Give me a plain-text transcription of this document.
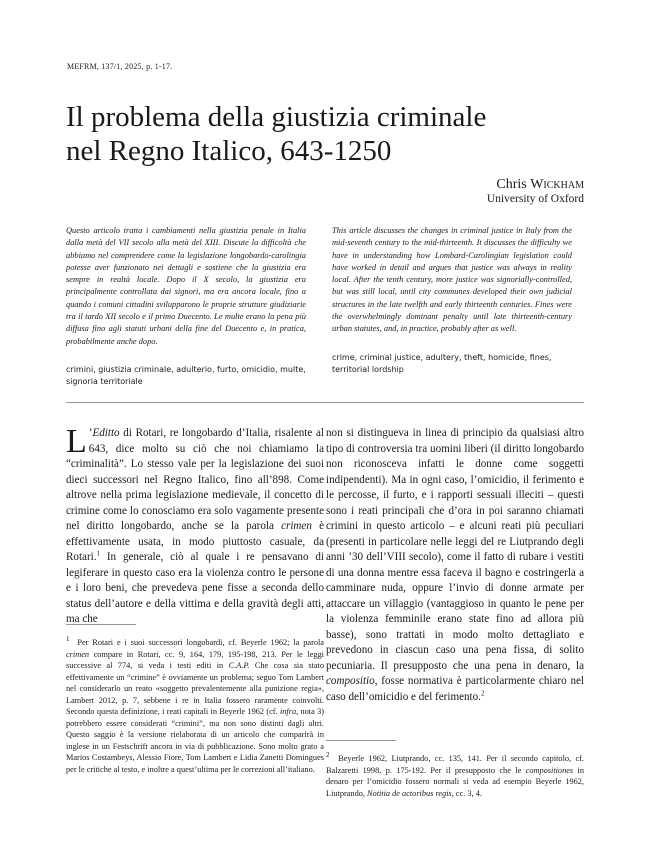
MEFRM, 137/1, 2025, p. 1-17.
Il problema della giustizia criminale
nel Regno Italico, 643-1250
Chris Wickham
University of Oxford

Questo articolo tratta i cambiamenti nella giustizia penale in Italia dalla metà del VII secolo alla metà del XIII. Discute la difficoltà che abbiamo nel comprendere come la legislazione longobardo-carolingia potesse aver funzionato nei dettagli e sostiene che la giustizia era sempre in realtà locale. Dopo il X secolo, la giustizia era principalmente controllata dai signori, ma era ancora locale, fino a quando i comuni cittadini svilupparono le proprie strutture giudiziarie tra il tardo XII secolo e il primo Duecento. Le multe erano la pena più diffusa fino agli statuti urbani della fine del Duecento e, in pratica, probabilmente anche dopo.

crimini, giustizia criminale, adulterio, furto, omicidio, multe, signoria territoriale

This article discusses the changes in criminal justice in Italy from the mid-seventh century to the mid-thirteenth. It discusses the difficulty we have in understanding how Lombard-Carolingian legislation could have worked in detail and argues that justice was always in reality local. After the tenth century, more justice was signorially-controlled, but was still local, until city communes developed their own judicial structures in the late twelfth and early thirteenth centuries. Fines were the overwhelmingly dominant penalty until late thirteenth-century urban statutes, and, in practice, probably after as well.

crime, criminal justice, adultery, theft, homicide, fines, territorial lordship

L ’Editto di Rotari, re longobardo d’Italia, risalente al 643, dice molto su ciò che noi chiamiamo la “criminalità”. Lo stesso vale per la legislazione dei suoi dieci successori nel Regno Italico, fino all’898. Come altrove nella prima legislazione medievale, il concetto di crimine come lo conosciamo era solo vagamente presente nel diritto longobardo, anche se la parola crimen è effettivamente usata, in modo piuttosto casuale, da Rotari.$^1$ In generale, ciò al quale i re pensavano di legiferare in questo caso era la violenza contro le persone e i loro beni, che prevedeva pene fisse a seconda dello status dell’autore e della vittima e della gravità degli atti, ma che

non si distingueva in linea di principio da qualsiasi altro tipo di controversia tra uomini liberi (il diritto longobardo non riconosceva infatti le donne come soggetti indipendenti). Ma in ogni caso, l’omicidio, il ferimento e le percosse, il furto, e i rapporti sessuali illeciti – questi sono i reati principali che d’ora in poi saranno chiamati crimini in questo articolo – e alcuni reati più peculiari (presenti in particolare nelle leggi del re Liutprando degli anni ’30 dell’VIII secolo), come il fatto di rubare i vestiti di una donna mentre essa faceva il bagno e costringerla a camminare nuda, oppure l’invio di donne armate per attaccare un villaggio (vantaggioso in quanto le pene per la violenza femminile erano state fino ad allora più basse), sono trattati in modo molto dettagliato e prevedono in ciascun caso una pena fissa, di solito pecuniaria. Il presupposto che una pena in denaro, la compositio, fosse normativa è particolarmente chiaro nel caso dell’omicidio e del ferimento.$^2$

$^1$ Per Rotari e i suoi successori longobardi, cf. Beyerle 1962; la parola crimen compare in Rotari, cc. 9, 164, 179, 195-198, 213. Per le leggi successive al 774, si veda i testi editi in C.A.P. Che cosa sia stato effettivamente un “crimine” è ovviamente un problema; seguo Tom Lambert nel considerarlo un reato «soggetto prevalentemente alla punizione regia», Lambert 2012, p. 7, sebbene i re in Italia fossero raramente coinvolti. Secondo questa definizione, i reati capitali in Beyerle 1962 (cf. infra, nota 3) potrebbero essere considerati “crimini”, ma non sono distinti dagli altri. Questo saggio è la versione rielaborata di un articolo che comparirà in inglese in un Festschrift ancora in via di pubblicazione. Sono molto grato a Marios Costambeys, Alessio Fiore, Tom Lambert e Lidia Zanetti Domingues per le critiche al testo, e inoltre a quest’ultima per le correzioni all’italiano.

$^2$ Beyerle 1962, Liutprando, cc. 135, 141. Per il secondo capitolo, cf. Balzaretti 1998, p. 175-192. Per il presupposto che le compositiones in denaro per l’omicidio fossero normali si veda ad esempio Beyerle 1962, Liutprando, Notitia de actoribus regis, cc. 3, 4.
